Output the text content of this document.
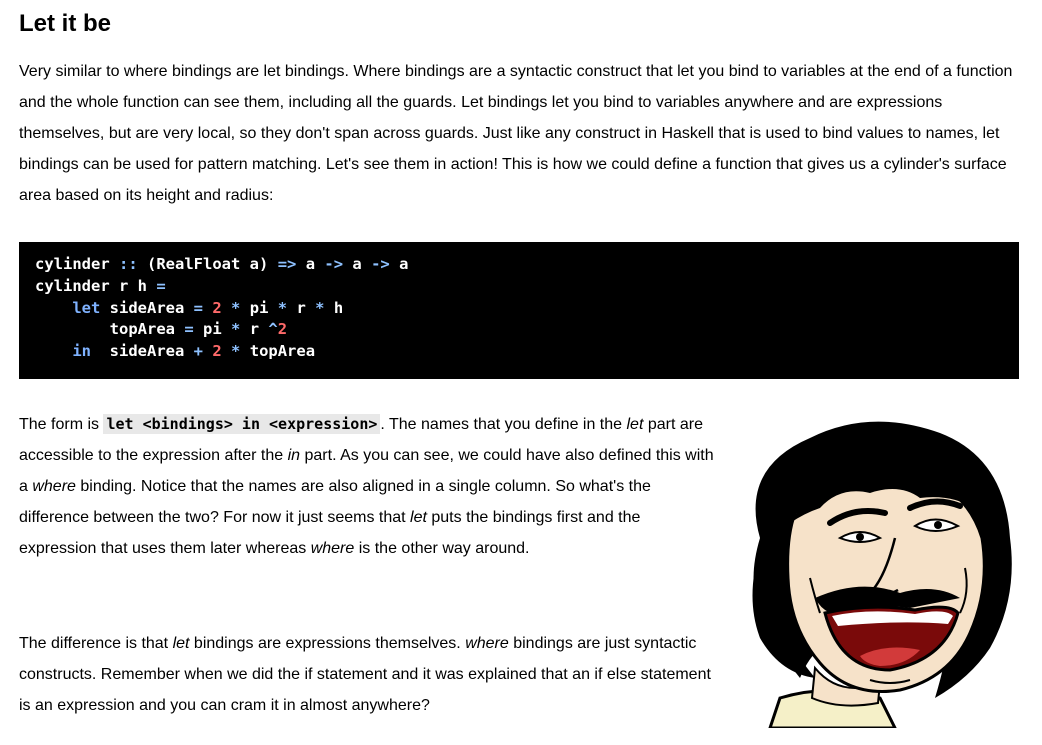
Let it be

Very similar to where bindings are let bindings. Where bindings are a syntactic construct that let you bind to variables at the end of a function and the whole function can see them, including all the guards. Let bindings let you bind to variables anywhere and are expressions themselves, but are very local, so they don't span across guards. Just like any construct in Haskell that is used to bind values to names, let bindings can be used for pattern matching. Let's see them in action! This is how we could define a function that gives us a cylinder's surface area based on its height and radius:

cylinder :: (RealFloat a) => a -> a -> a
cylinder r h =
let sideArea = 2 * pi * r * h
topArea = pi * r ^2
in sideArea + 2 * topArea

The form is let <bindings> in <expression> . The names that you define in the let part are accessible to the expression after the in part. As you can see, we could have also defined this with a where binding. Notice that the names are also aligned in a single column. So what's the difference between the two? For now it just seems that let puts the bindings first and the expression that uses them later whereas where is the other way around.

The difference is that let bindings are expressions themselves. where bindings are just syntactic constructs. Remember when we did the if statement and it was explained that an if else statement is an expression and you can cram it in almost anywhere?
